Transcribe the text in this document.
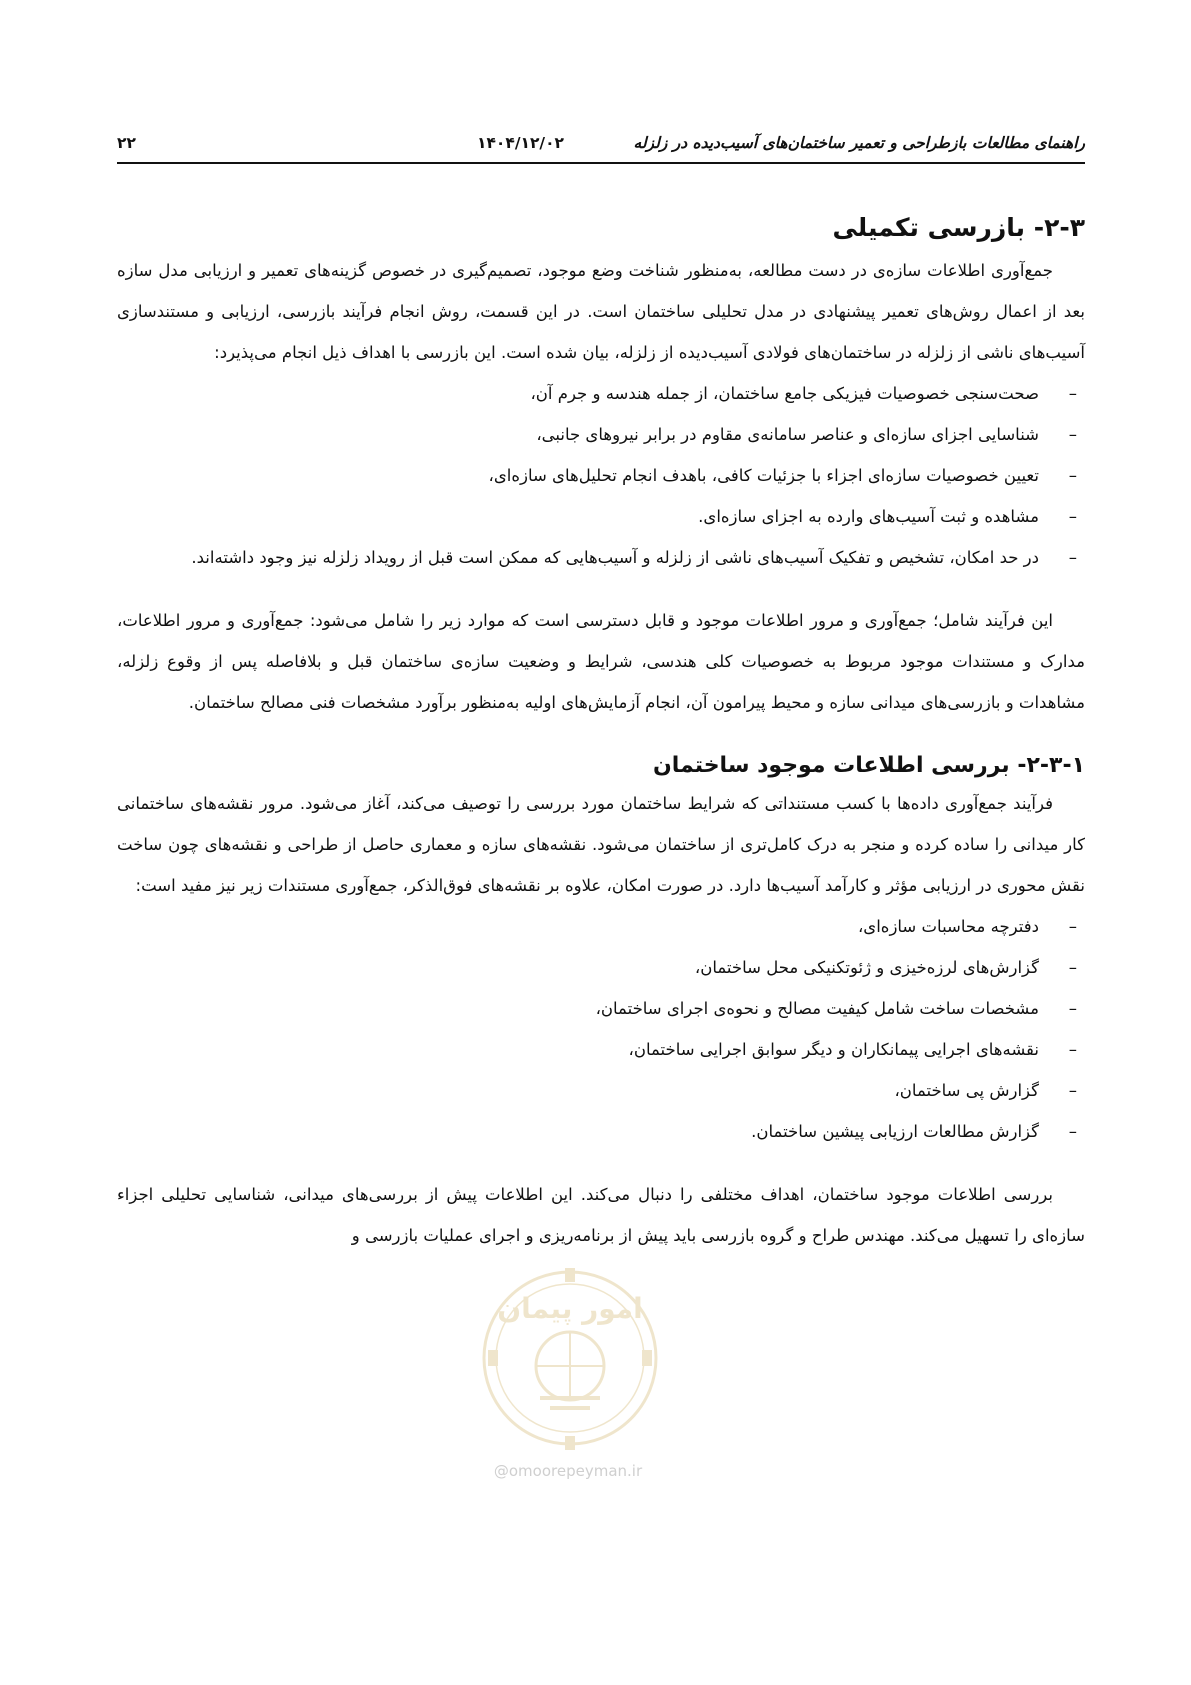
۲۲	۱۴۰۴/۱۲/۰۲	راهنمای مطالعات بازطراحی و تعمیر ساختمان‌های آسیب‌دیده در زلزله
۲-۳- بازرسی تکمیلی

جمع‌آوری اطلاعات سازه‌ی در دست مطالعه، به‌منظور شناخت وضع موجود، تصمیم‌گیری در خصوص گزینه‌های تعمیر و ارزیابی مدل سازه بعد از اعمال روش‌های تعمیر پیشنهادی در مدل تحلیلی ساختمان است. در این قسمت، روش انجام فرآیند بازرسی، ارزیابی و مستندسازی آسیب‌های ناشی از زلزله در ساختمان‌های فولادی آسیب‌دیده از زلزله، بیان شده است. این بازرسی با اهداف ذیل انجام می‌پذیرد:

– صحت‌سنجی خصوصیات فیزیکی جامع ساختمان، از جمله هندسه و جرم آن،
– شناسایی اجزای سازه‌ای و عناصر سامانه‌ی مقاوم در برابر نیروهای جانبی،
– تعیین خصوصیات سازه‌ای اجزاء با جزئیات کافی، باهدف انجام تحلیل‌های سازه‌ای،
– مشاهده و ثبت آسیب‌های وارده به اجزای سازه‌ای.
– در حد امکان، تشخیص و تفکیک آسیب‌های ناشی از زلزله و آسیب‌هایی که ممکن است قبل از رویداد زلزله نیز وجود داشته‌اند.

این فرآیند شامل؛ جمع‌آوری و مرور اطلاعات موجود و قابل دسترسی است که موارد زیر را شامل می‌شود: جمع‌آوری و مرور اطلاعات، مدارک و مستندات موجود مربوط به خصوصیات کلی هندسی، شرایط و وضعیت سازه‌ی ساختمان قبل و بلافاصله پس از وقوع زلزله، مشاهدات و بازرسی‌های میدانی سازه و محیط پیرامون آن، انجام آزمایش‌های اولیه به‌منظور برآورد مشخصات فنی مصالح ساختمان.

۲-۳-۱- بررسی اطلاعات موجود ساختمان

فرآیند جمع‌آوری داده‌ها با کسب مستنداتی که شرایط ساختمان مورد بررسی را توصیف می‌کند، آغاز می‌شود. مرور نقشه‌های ساختمانی کار میدانی را ساده کرده و منجر به درک کامل‌تری از ساختمان می‌شود. نقشه‌های سازه و معماری حاصل از طراحی و نقشه‌های چون ساخت نقش محوری در ارزیابی مؤثر و کارآمد آسیب‌ها دارد. در صورت امکان، علاوه بر نقشه‌های فوق‌الذکر، جمع‌آوری مستندات زیر نیز مفید است:

– دفترچه محاسبات سازه‌ای،
– گزارش‌های لرزه‌خیزی و ژئوتکنیکی محل ساختمان،
– مشخصات ساخت شامل کیفیت مصالح و نحوه‌ی اجرای ساختمان،
– نقشه‌های اجرایی پیمانکاران و دیگر سوابق اجرایی ساختمان،
– گزارش پی ساختمان،
– گزارش مطالعات ارزیابی پیشین ساختمان.

بررسی اطلاعات موجود ساختمان، اهداف مختلفی را دنبال می‌کند. این اطلاعات پیش از بررسی‌های میدانی، شناسایی تحلیلی اجزاء سازه‌ای را تسهیل می‌کند. مهندس طراح و گروه بازرسی باید پیش از برنامه‌ریزی و اجرای عملیات بازرسی و

امور پیمان
@omoorepeyman.ir
